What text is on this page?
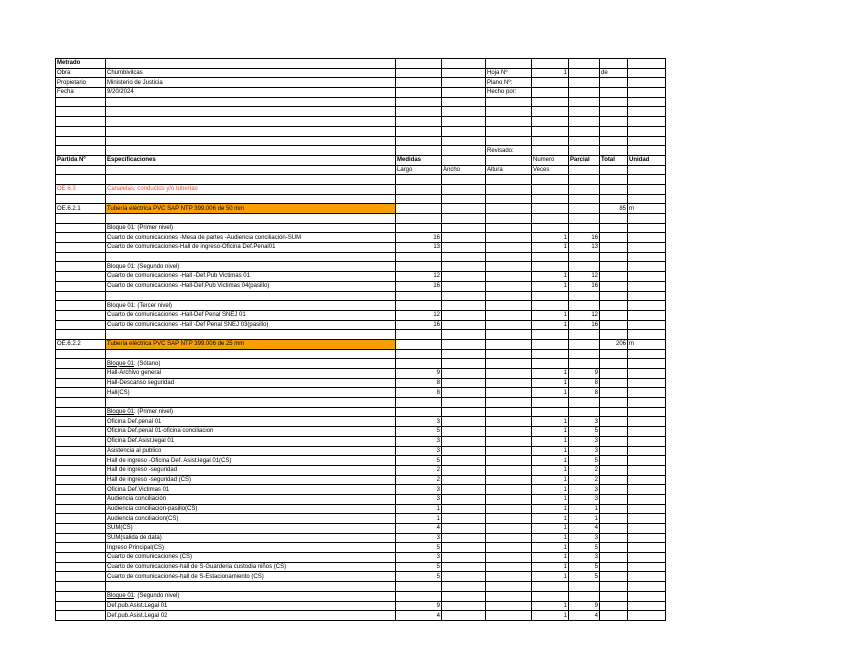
Metrado								
Obra	Chumbivilcas			Hoja Nº	1		de	
Propietario	Ministerio de Justicia			Plano Nº:				
Fecha	9/20/2024			Hecho por:				

				Revisado:				
Partida Nº	Especificaciones	Medidas			Numero	Parcial	Total	Unidad
		Largo	Ancho	Altura	Veces			

OE.6.3	Canaletas, conductos y/o tuberías							

OE.6.2.1	Tubería eléctrica PVC SAP NTP 399.006 de 50 mm						85	m

	Bloque 01: (Primer nivel)							
	Cuarto de comunicaciones -Mesa de partes -Audiencia conciliación-SUM	16			1	16		
	Cuarto de comunicaciones-Hall de ingreso-Oficina Def.Penal01	13			1	13		

	Bloque 01: (Segundo nivel)							
	Cuarto de comunicaciones -Hall -Def.Pub Victimas 01	12			1	12		
	Cuarto de comunicaciones -Hall-Def.Pub Victimas 04(pasillo)	16			1	16		

	Bloque 01: (Tercer nivel)							
	Cuarto de comunicaciones -Hall-Def Penal SNEJ 01	12			1	12		
	Cuarto de comunicaciones -Hall -Def Penal SNEJ 03(pasillo)	16			1	16		

OE.6.2.2	Tubería eléctrica PVC SAP NTP 399.006 de 25 mm						206	m

	Bloque 01: (Sótano)							
	Hall-Archivo general	9			1	9		
	Hall-Descanso seguridad	8			1	8		
	Hall(CS)	8			1	8		

	Bloque 01: (Primer nivel)							
	Oficina Def.penal 01	3			1	3		
	Oficina Def.penal 01-oficina conciliacion	5			1	5		
	Oficina Def.Asist.legal 01	3			1	3		
	Asistencia al publico	3			1	3		
	Hall de ingreso -Oficina Def. Asist.legal 01(CS)	5			1	5		
	Hall de ingreso -seguridad	2			1	2		
	Hall de ingreso -seguridad (CS)	2			1	2		
	Oficina Def.Victimas 01	3			1	3		
	Audiencia conciliación	3			1	3		
	Audiencia conciliacion-pasillo(CS)	1			1	1		
	Audiencia conciliacion(CS)	1			1	1		
	SUM(CS)	4			1	4		
	SUM(salida de data)	3			1	3		
	Ingreso Principal(CS)	5			1	5		
	Cuarto de comunicaciones (CS)	3			1	3		
	Cuarto de comunicaciones-hall de S-Guarderia custodia niños (CS)	5			1	5		
	Cuarto de comunicaciones-hall de S-Estacionamiento (CS)	5			1	5		

	Bloque 01: (Segundo nivel)							
	Def.pub.Asist.Legal 01	9			1	9		
	Def.pub.Asist.Legal 02	4			1	4		
